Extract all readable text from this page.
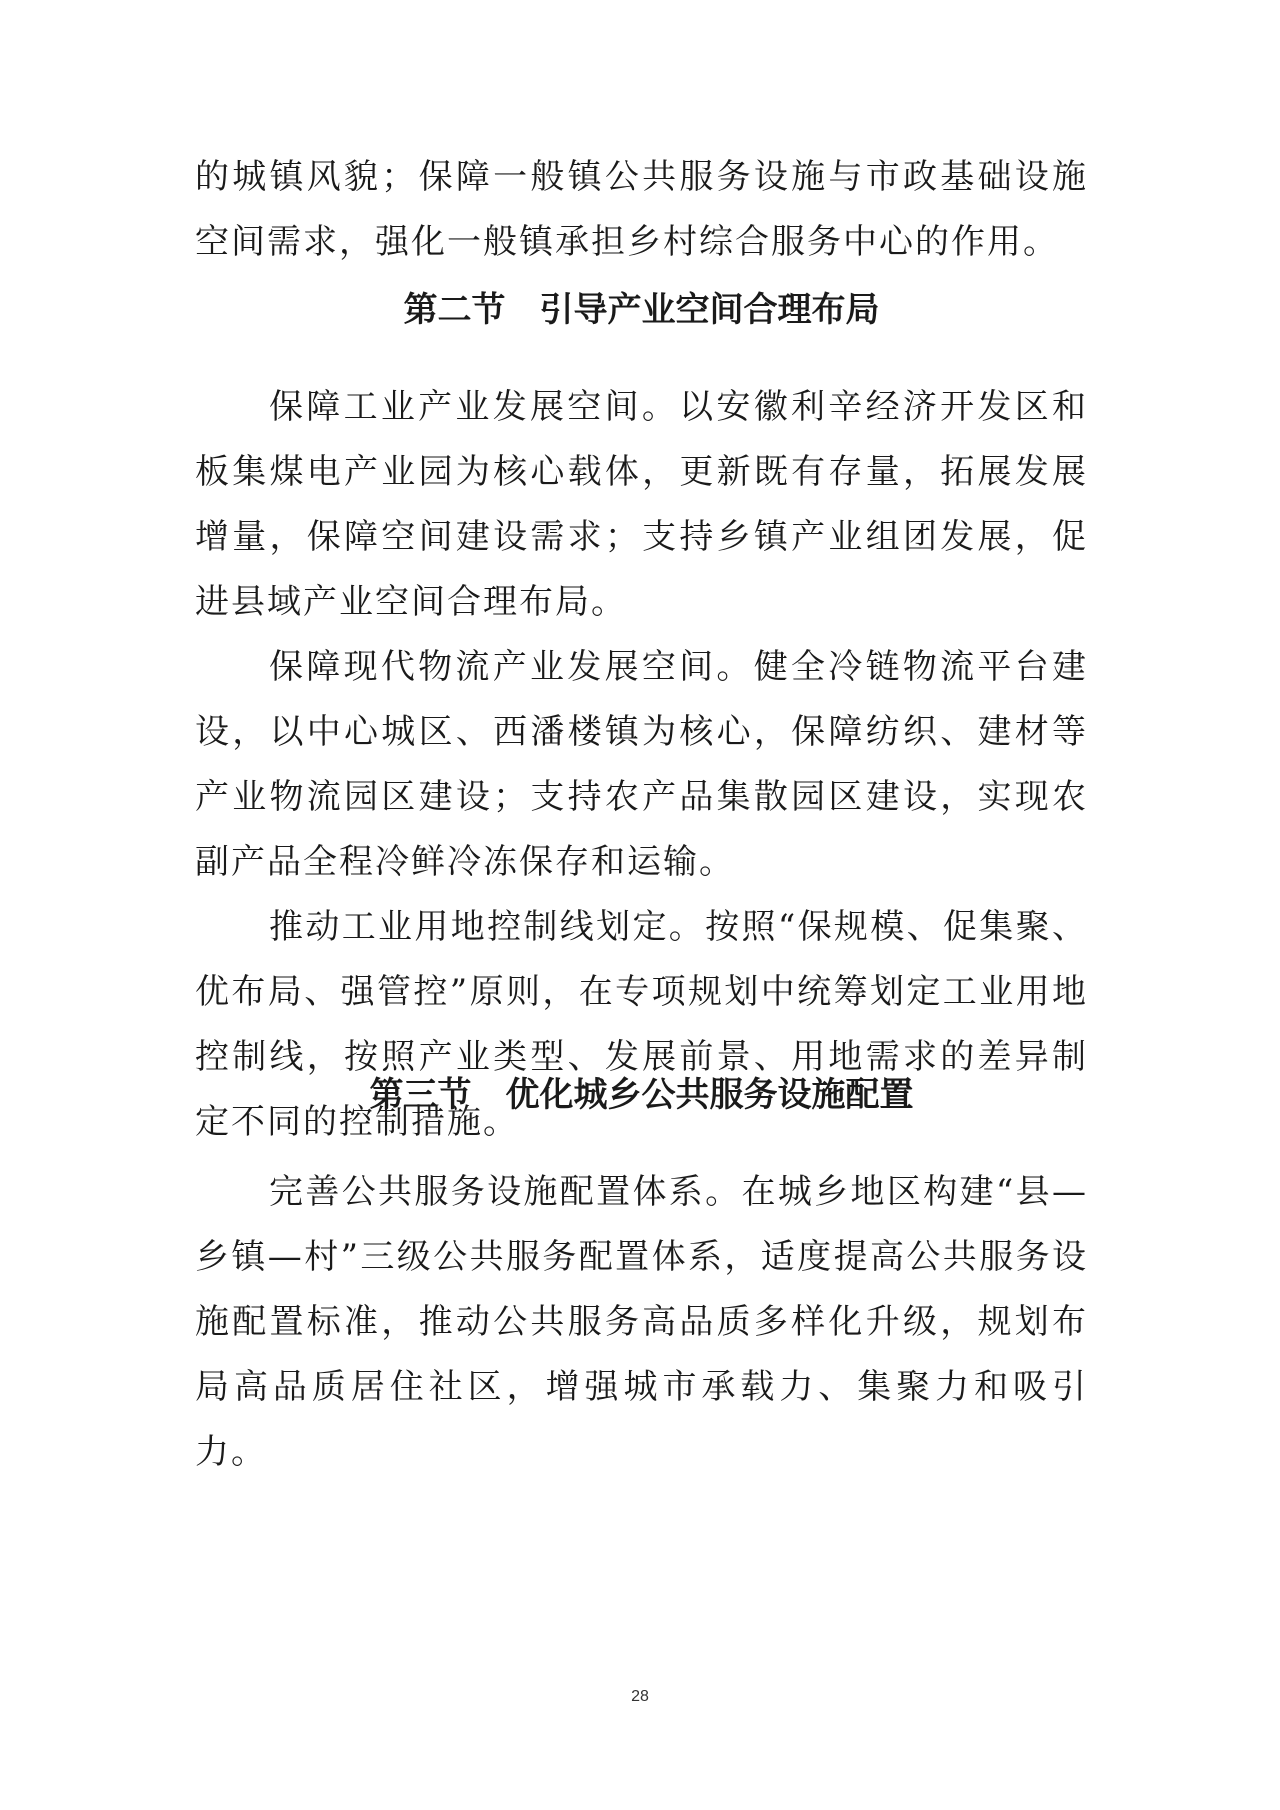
的城镇风貌；保障一般镇公共服务设施与市政基础设施空间需求，强化一般镇承担乡村综合服务中心的作用。

第二节　引导产业空间合理布局

保障工业产业发展空间。以安徽利辛经济开发区和板集煤电产业园为核心载体，更新既有存量，拓展发展增量，保障空间建设需求；支持乡镇产业组团发展，促进县域产业空间合理布局。

保障现代物流产业发展空间。健全冷链物流平台建设，以中心城区、西潘楼镇为核心，保障纺织、建材等产业物流园区建设；支持农产品集散园区建设，实现农副产品全程冷鲜冷冻保存和运输。

推动工业用地控制线划定。按照“保规模、促集聚、优布局、强管控”原则，在专项规划中统筹划定工业用地控制线，按照产业类型、发展前景、用地需求的差异制定不同的控制措施。

第三节　优化城乡公共服务设施配置

完善公共服务设施配置体系。在城乡地区构建“县—乡镇—村”三级公共服务配置体系，适度提高公共服务设施配置标准，推动公共服务高品质多样化升级，规划布局高品质居住社区，增强城市承载力、集聚力和吸引力。

28
